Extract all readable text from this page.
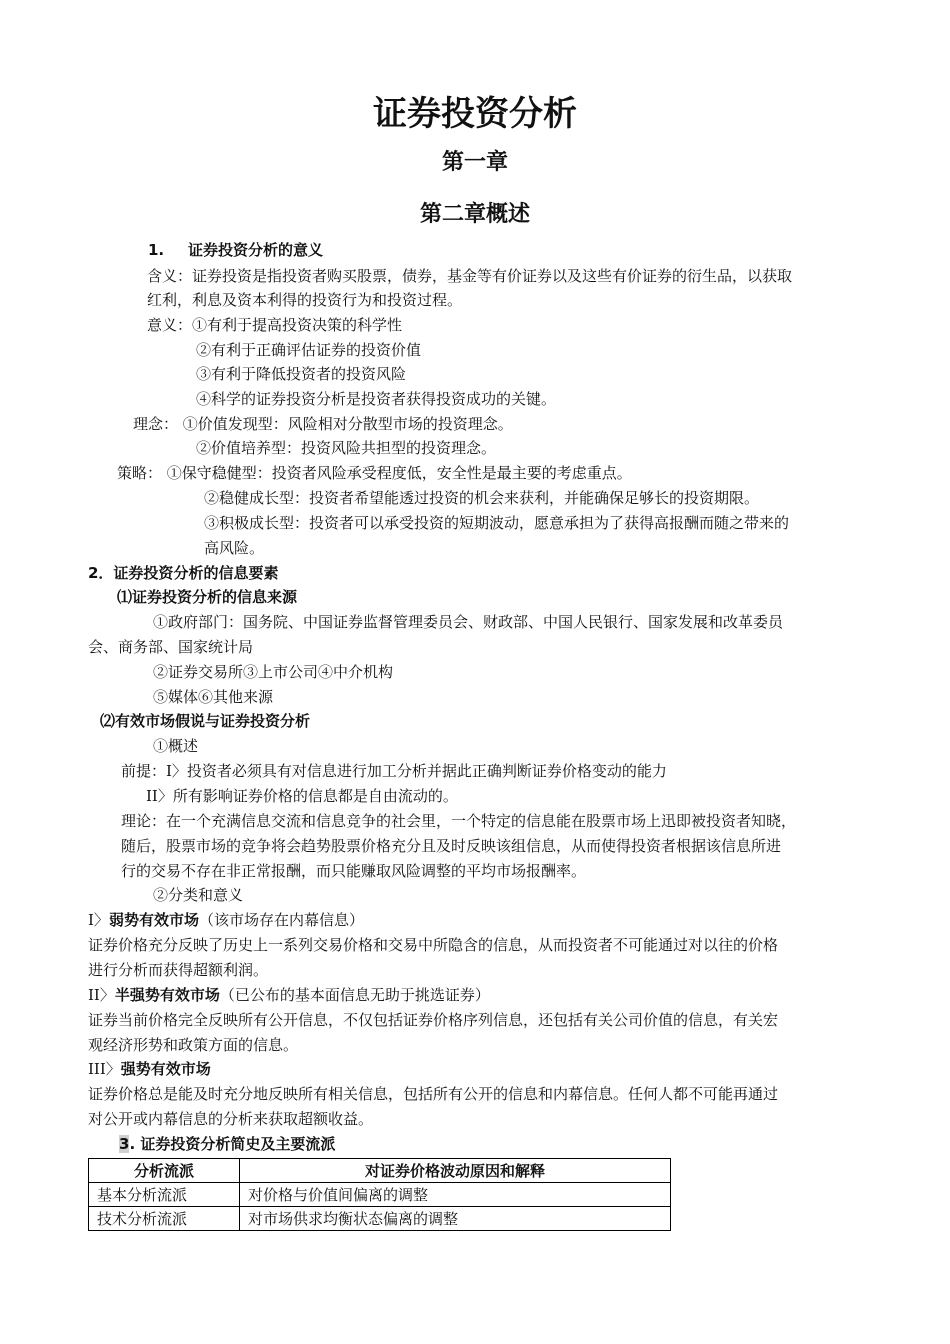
证券投资分析
第一章
第二章概述
1. 证券投资分析的意义
含义：证券投资是指投资者购买股票，债券，基金等有价证券以及这些有价证券的衍生品，以获取
红利，利息及资本利得的投资行为和投资过程。
意义：①有利于提高投资决策的科学性
②有利于正确评估证券的投资价值
③有利于降低投资者的投资风险
④科学的证券投资分析是投资者获得投资成功的关键。
理念： ①价值发现型：风险相对分散型市场的投资理念。
②价值培养型：投资风险共担型的投资理念。
策略： ①保守稳健型：投资者风险承受程度低，安全性是最主要的考虑重点。
②稳健成长型：投资者希望能透过投资的机会来获利，并能确保足够长的投资期限。
③积极成长型：投资者可以承受投资的短期波动，愿意承担为了获得高报酬而随之带来的
高风险。
2．证券投资分析的信息要素
⑴证券投资分析的信息来源
①政府部门：国务院、中国证券监督管理委员会、财政部、中国人民银行、国家发展和改革委员
会、商务部、国家统计局
②证券交易所③上市公司④中介机构
⑤媒体⑥其他来源
⑵有效市场假说与证券投资分析
①概述
前提：I〉投资者必须具有对信息进行加工分析并据此正确判断证券价格变动的能力
II〉所有影响证券价格的信息都是自由流动的。
理论：在一个充满信息交流和信息竞争的社会里，一个特定的信息能在股票市场上迅即被投资者知晓，
随后，股票市场的竞争将会趋势股票价格充分且及时反映该组信息，从而使得投资者根据该信息所进
行的交易不存在非正常报酬，而只能赚取风险调整的平均市场报酬率。
②分类和意义
I〉弱势有效市场（该市场存在内幕信息）
证券价格充分反映了历史上一系列交易价格和交易中所隐含的信息，从而投资者不可能通过对以往的价格
进行分析而获得超额利润。
II〉半强势有效市场（已公布的基本面信息无助于挑选证券）
证券当前价格完全反映所有公开信息，不仅包括证券价格序列信息，还包括有关公司价值的信息，有关宏
观经济形势和政策方面的信息。
III〉强势有效市场
证券价格总是能及时充分地反映所有相关信息，包括所有公开的信息和内幕信息。任何人都不可能再通过
对公开或内幕信息的分析来获取超额收益。
3. 证券投资分析简史及主要流派
分析流派	对证券价格波动原因和解释
基本分析流派	对价格与价值间偏离的调整
技术分析流派	对市场供求均衡状态偏离的调整
